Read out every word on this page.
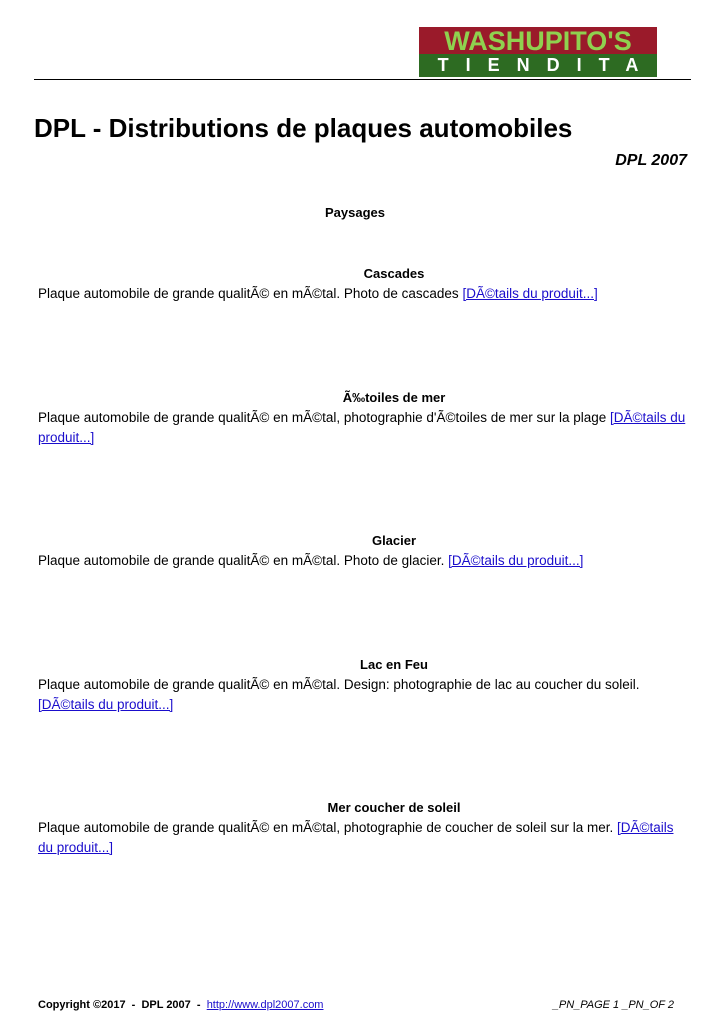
WASHUPITO'S
TIENDITA
DPL - Distributions de plaques automobiles
DPL 2007
Paysages
Cascades

Plaque automobile de grande qualitÃ© en mÃ©tal. Photo de cascades [DÃ©tails du produit...]

Ã‰toiles de mer

Plaque automobile de grande qualitÃ© en mÃ©tal, photographie d'Ã©toiles de mer sur la plage [DÃ©tails du produit...]

Glacier

Plaque automobile de grande qualitÃ© en mÃ©tal. Photo de glacier. [DÃ©tails du produit...]

Lac en Feu

Plaque automobile de grande qualitÃ© en mÃ©tal. Design: photographie de lac au coucher du soleil. [DÃ©tails du produit...]

Mer coucher de soleil

Plaque automobile de grande qualitÃ© en mÃ©tal, photographie de coucher de soleil sur la mer. [DÃ©tails du produit...]

Copyright ©2017  -  DPL 2007  -  http://www.dpl2007.com	_PN_PAGE 1 _PN_OF 2
